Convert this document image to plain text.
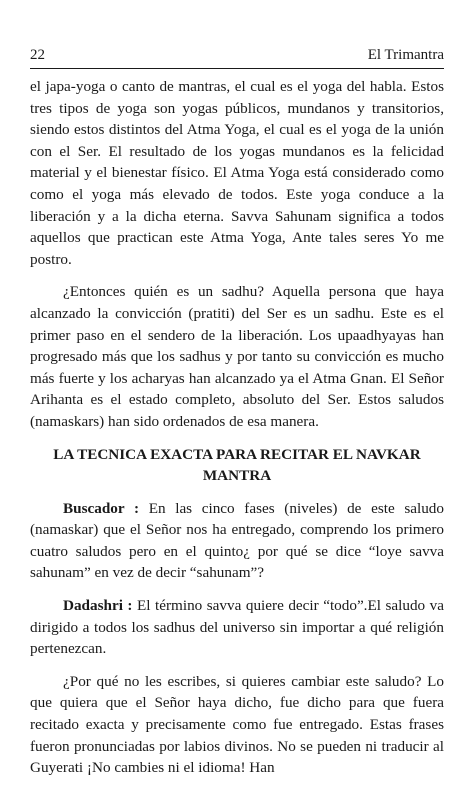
22	El Trimantra

el japa-yoga o canto de mantras, el cual es el yoga del habla. Estos tres tipos de yoga son yogas públicos, mundanos y transitorios, siendo estos distintos del Atma Yoga, el cual es el yoga de la unión con el Ser. El resultado de los yogas mundanos es la felicidad material y el bienestar físico. El Atma Yoga está considerado como como el yoga más elevado de todos. Este yoga conduce a la liberación y a la dicha eterna. Savva Sahunam significa a todos aquellos que practican este Atma Yoga, Ante tales seres Yo me postro.

¿Entonces quién es un sadhu? Aquella persona que haya alcanzado la convicción (pratiti) del Ser es un sadhu. Este es el primer paso en el sendero de la liberación. Los upaadhyayas han progresado más que los sadhus y por tanto su convicción es mucho más fuerte y los acharyas han alcanzado ya el Atma Gnan. El Señor Arihanta es el estado completo, absoluto del Ser. Estos saludos (namaskars) han sido ordenados de esa manera.

LA TECNICA EXACTA PARA RECITAR EL NAVKAR MANTRA

Buscador : En las cinco fases (niveles) de este saludo (namaskar) que el Señor nos ha entregado, comprendo los primero cuatro saludos pero en el quinto¿ por qué se dice “loye savva sahunam” en vez de decir “sahunam”?

Dadashri : El término savva quiere decir “todo”.El saludo va dirigido a todos los sadhus del universo sin importar a qué religión pertenezcan.

¿Por qué no les escribes, si quieres cambiar este saludo? Lo que quiera que el Señor haya dicho, fue dicho para que fuera recitado exacta y precisamente como fue entregado. Estas frases fueron pronunciadas por labios divinos. No se pueden ni traducir al Guyerati ¡No cambies ni el idioma! Han
